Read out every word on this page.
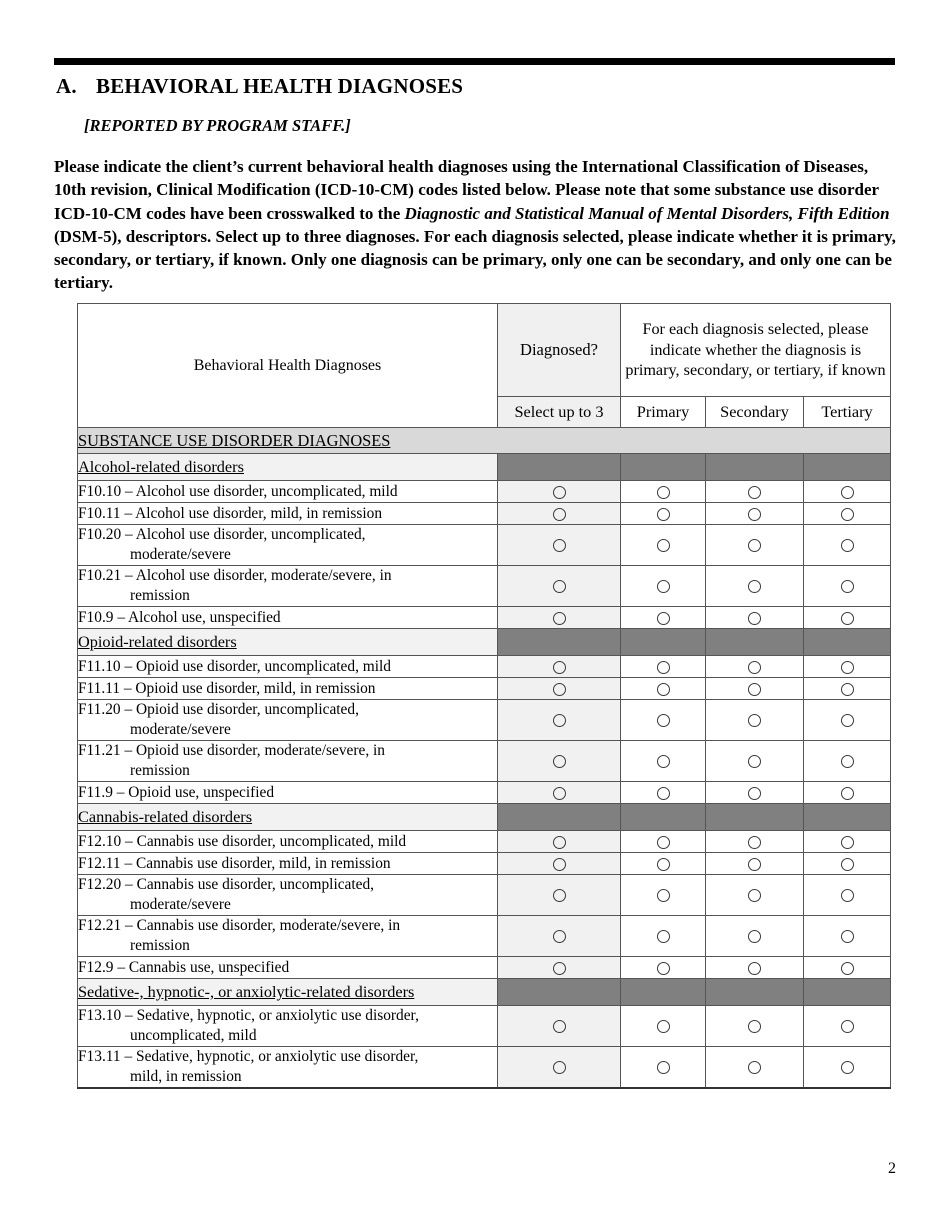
A. BEHAVIORAL HEALTH DIAGNOSES
[REPORTED BY PROGRAM STAFF.]
Please indicate the client’s current behavioral health diagnoses using the International Classification of Diseases, 10th revision, Clinical Modification (ICD-10-CM) codes listed below. Please note that some substance use disorder ICD-10-CM codes have been crosswalked to the Diagnostic and Statistical Manual of Mental Disorders, Fifth Edition (DSM-5), descriptors. Select up to three diagnoses. For each diagnosis selected, please indicate whether it is primary, secondary, or tertiary, if known. Only one diagnosis can be primary, only one can be secondary, and only one can be tertiary.
Behavioral Health Diagnoses	Diagnosed?	For each diagnosis selected, please indicate whether the diagnosis is primary, secondary, or tertiary, if known		
	Select up to 3	Primary	Secondary	Tertiary
SUBSTANCE USE DISORDER DIAGNOSES				
Alcohol-related disorders				

F10.10 – Alcohol use disorder, uncomplicated, mild				

F10.11 – Alcohol use disorder, mild, in remission				

F10.20 – Alcohol use disorder, uncomplicated,
moderate/severe				

F10.21 – Alcohol use disorder, moderate/severe, in
remission				

F10.9 – Alcohol use, unspecified				

Opioid-related disorders				

F11.10 – Opioid use disorder, uncomplicated, mild				

F11.11 – Opioid use disorder, mild, in remission				

F11.20 – Opioid use disorder, uncomplicated,
moderate/severe				

F11.21 – Opioid use disorder, moderate/severe, in
remission				

F11.9 – Opioid use, unspecified				

Cannabis-related disorders				

F12.10 – Cannabis use disorder, uncomplicated, mild				

F12.11 – Cannabis use disorder, mild, in remission				

F12.20 – Cannabis use disorder, uncomplicated,
moderate/severe				

F12.21 – Cannabis use disorder, moderate/severe, in
remission				

F12.9 – Cannabis use, unspecified				

Sedative-, hypnotic-, or anxiolytic-related disorders				

F13.10 – Sedative, hypnotic, or anxiolytic use disorder,
uncomplicated, mild				

F13.11 – Sedative, hypnotic, or anxiolytic use disorder,
mild, in remission				

2
